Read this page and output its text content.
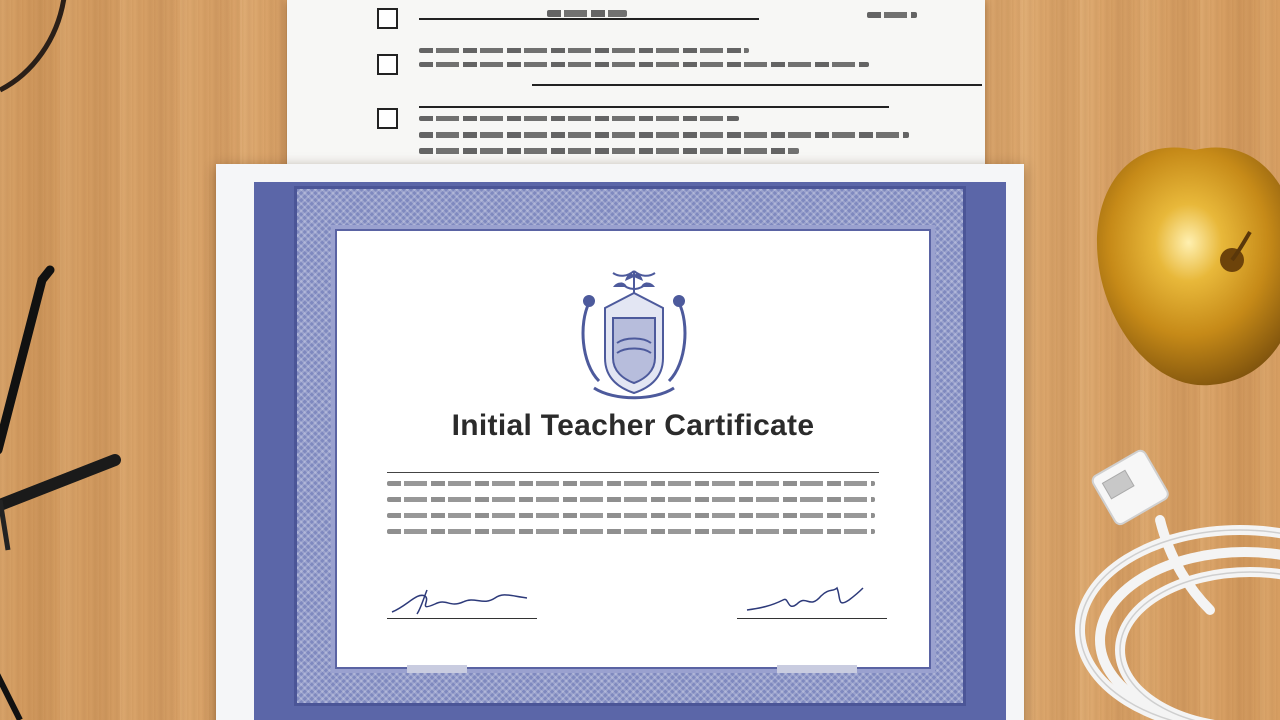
Initial Teacher Cartificate
